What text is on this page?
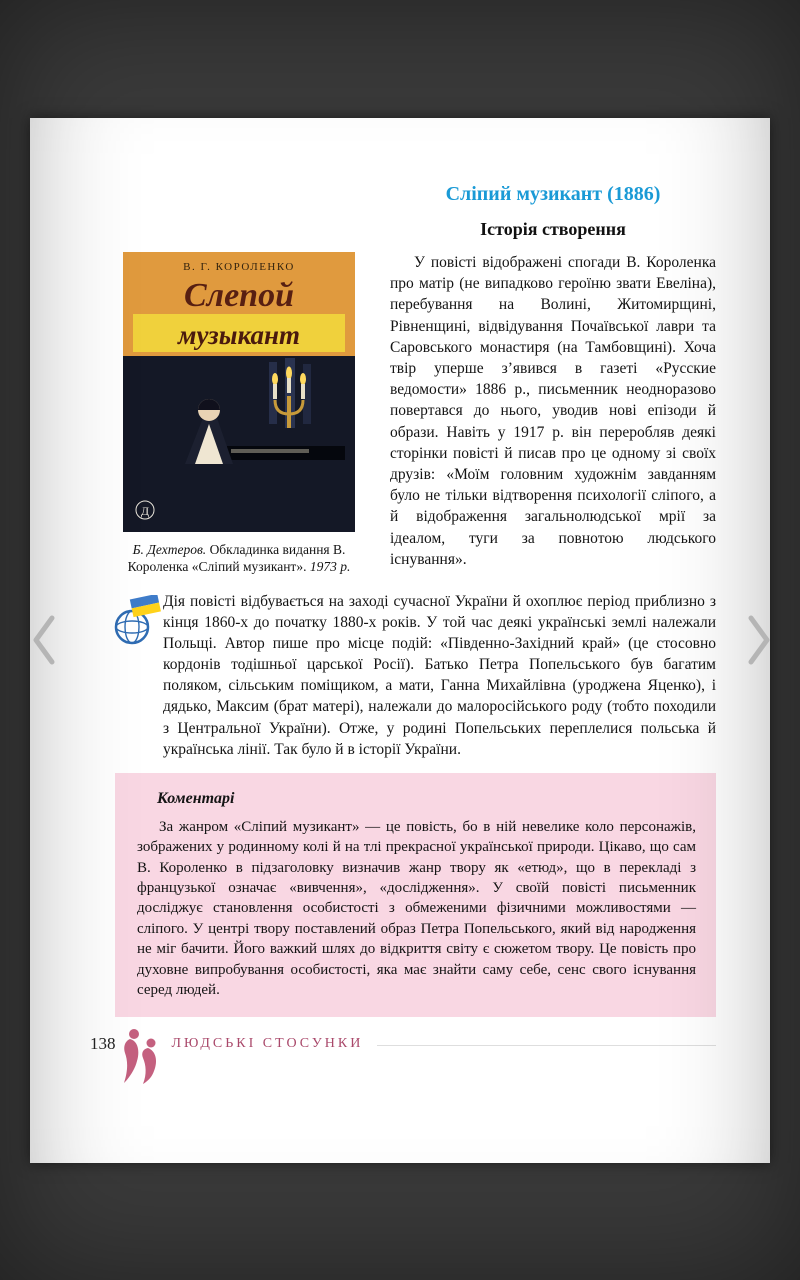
Сліпий музикант (1886)
Історія створення
В. Г. КОРОЛЕНКО
Слепой
музыкант
Д
Б. Дехтеров. Обкладинка видання В. Короленка «Сліпий музикант». 1973 р.

У повісті відображені спогади В. Короленка про матір (не випадково героїню звати Евеліна), перебування на Волині, Житомирщині, Рівненщині, відвідування Почаївської лаври та Саровського монастиря (на Тамбовщині). Хоча твір уперше з’явився в газеті «Русские ведомости» 1886 р., письменник неодноразово повертався до нього, уводив нові епізоди й образи. Навіть у 1917 р. він переробляв деякі сторінки повісті й писав про це одному зі своїх друзів: «Моїм головним художнім завданням було не тільки відтворення психології сліпого, а й відображення загальнолюдської мрії за ідеалом, туги за повнотою людського існування».

Дія повісті відбувається на заході сучасної України й охоплює період приблизно з кінця 1860-х до початку 1880-х років. У той час деякі українські землі належали Польщі. Автор пише про місце подій: «Південно-Західний край» (це стосовно кордонів тодішньої царської Росії). Батько Петра Попельського був багатим поляком, сільським поміщиком, а мати, Ганна Михайлівна (уроджена Яценко), і дядько, Максим (брат матері), належали до малоросійського роду (тобто походили з Центральної України). Отже, у родині Попельських переплелися польська й українська лінії. Так було й в історії України.

Коментарі

За жанром «Сліпий музикант» — це повість, бо в ній невелике коло персонажів, зображених у родинному колі й на тлі прекрасної української природи. Цікаво, що сам В. Короленко в підзаголовку визначив жанр твору як «етюд», що в перекладі з французької означає «вивчення», «дослідження». У своїй повісті письменник досліджує становлення особистості з обмеженими фізичними можливостями — сліпого. У центрі твору поставлений образ Петра Попельського, який від народження не міг бачити. Його важкий шлях до відкриття світу є сюжетом твору. Це повість про духовне випробування особистості, яка має знайти саму себе, сенс свого існування серед людей.

138	ЛЮДСЬКІ СТОСУНКИ
